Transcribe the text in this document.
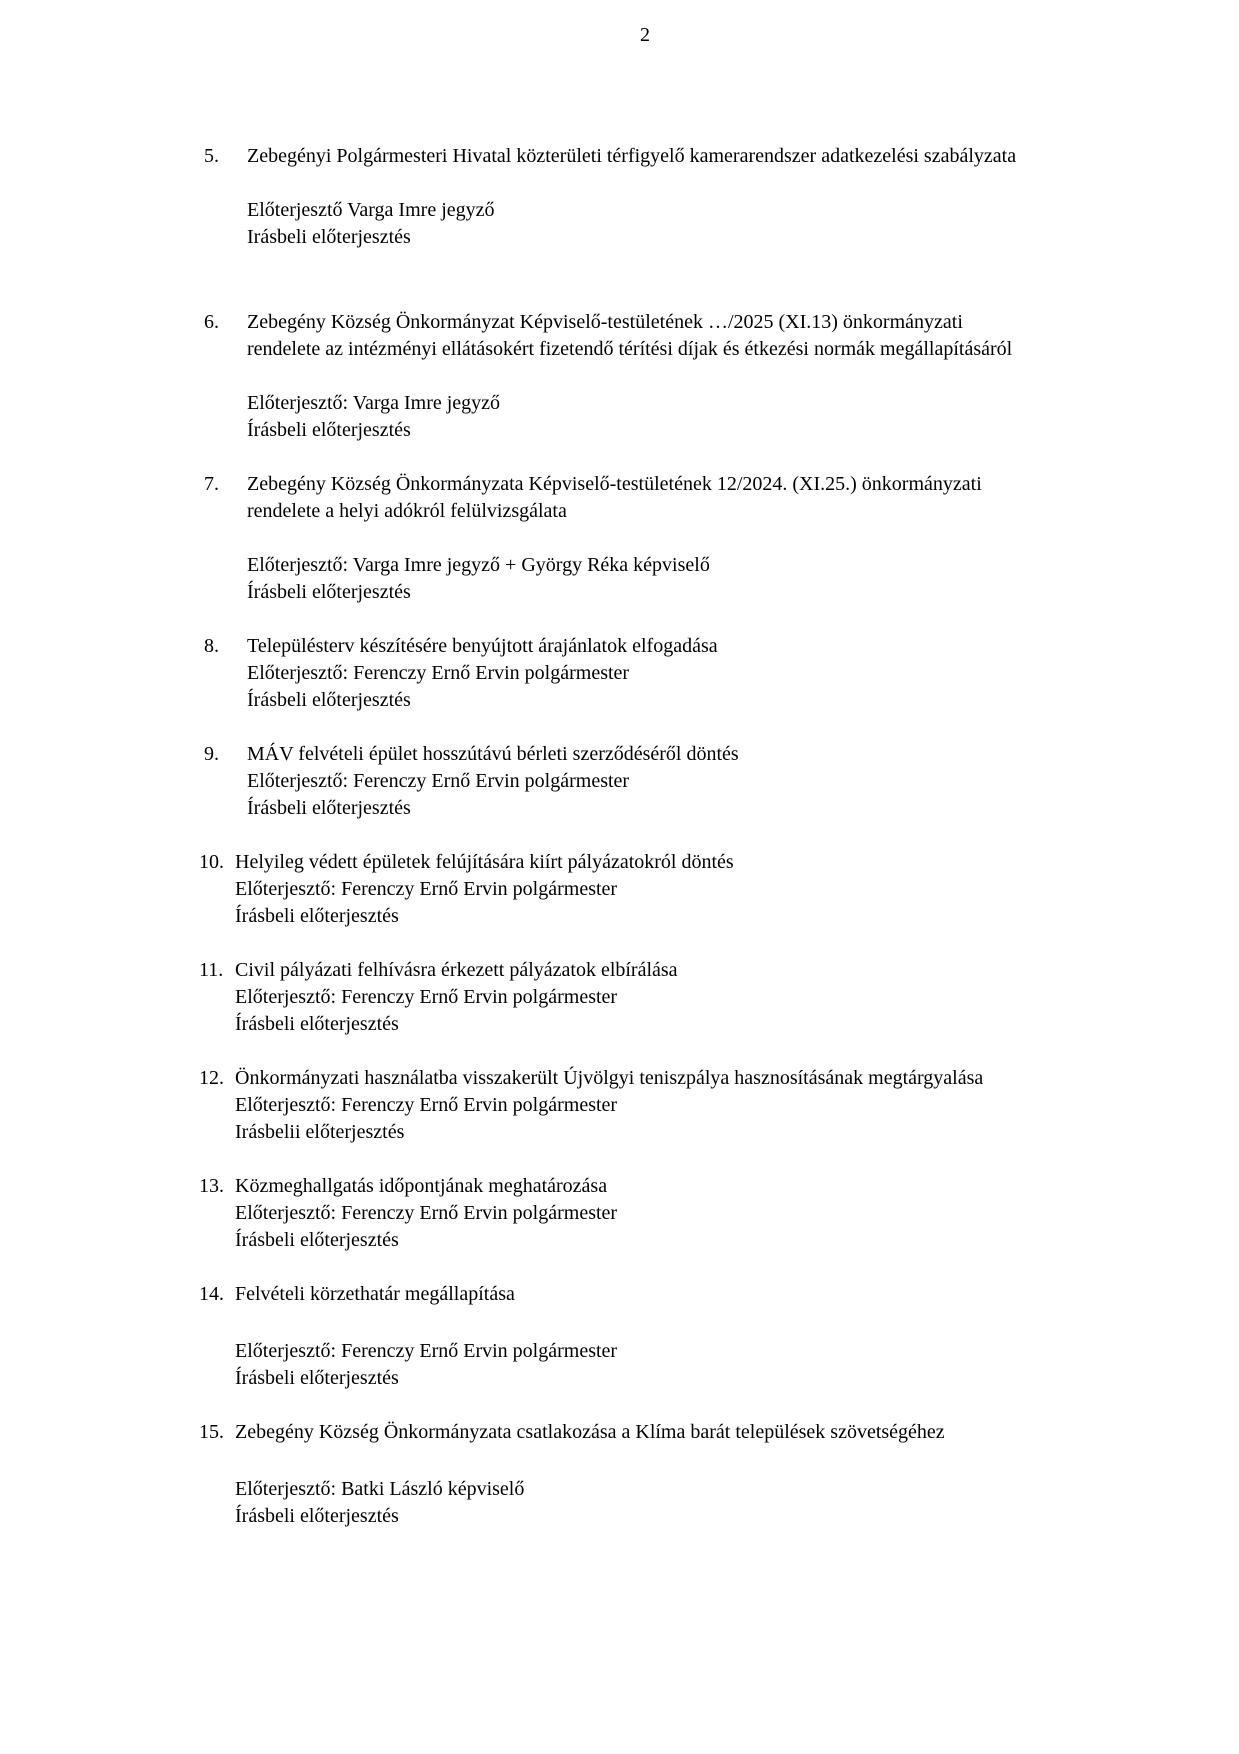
2
5. Zebegényi Polgármesteri Hivatal közterületi térfigyelő kamerarendszer adatkezelési szabályzata
Előterjesztő Varga Imre jegyző
Irásbeli előterjesztés
6. Zebegény Község Önkormányzat Képviselő-testületének …/2025 (XI.13) önkormányzati
rendelete az intézményi ellátásokért fizetendő térítési díjak és étkezési normák megállapításáról
Előterjesztő: Varga Imre jegyző
Írásbeli előterjesztés
7. Zebegény Község Önkormányzata Képviselő-testületének 12/2024. (XI.25.) önkormányzati
rendelete a helyi adókról felülvizsgálata
Előterjesztő: Varga Imre jegyző + György Réka képviselő
Írásbeli előterjesztés
8. Településterv készítésére benyújtott árajánlatok elfogadása
Előterjesztő: Ferenczy Ernő Ervin polgármester
Írásbeli előterjesztés
9. MÁV felvételi épület hosszútávú bérleti szerződéséről döntés
Előterjesztő: Ferenczy Ernő Ervin polgármester
Írásbeli előterjesztés
10. Helyileg védett épületek felújítására kiírt pályázatokról döntés
Előterjesztő: Ferenczy Ernő Ervin polgármester
Írásbeli előterjesztés
11. Civil pályázati felhívásra érkezett pályázatok elbírálása
Előterjesztő: Ferenczy Ernő Ervin polgármester
Írásbeli előterjesztés
12. Önkormányzati használatba visszakerült Újvölgyi teniszpálya hasznosításának megtárgyalása
Előterjesztő: Ferenczy Ernő Ervin polgármester
Irásbelii előterjesztés
13. Közmeghallgatás időpontjának meghatározása
Előterjesztő: Ferenczy Ernő Ervin polgármester
Írásbeli előterjesztés
14. Felvételi körzethatár megállapítása
Előterjesztő: Ferenczy Ernő Ervin polgármester
Írásbeli előterjesztés
15. Zebegény Község Önkormányzata csatlakozása a Klíma barát települések szövetségéhez
Előterjesztő: Batki László képviselő
Írásbeli előterjesztés
